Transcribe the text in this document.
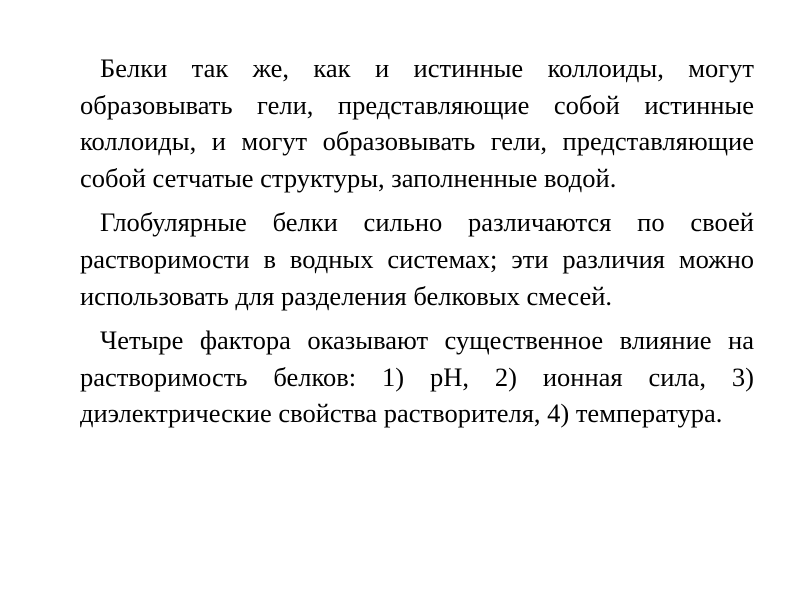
Белки так же, как и истинные коллоиды, могут образовывать гели, представляющие собой истинные коллоиды, и могут образовывать гели, представляющие собой сетчатые структуры, заполненные водой.

Глобулярные белки сильно различаются по своей растворимости в водных системах; эти различия можно использовать для разделения белковых смесей.

Четыре фактора оказывают существенное влияние на растворимость белков: 1) pH, 2) ионная сила, 3) диэлектрические свойства растворителя, 4) температура.
